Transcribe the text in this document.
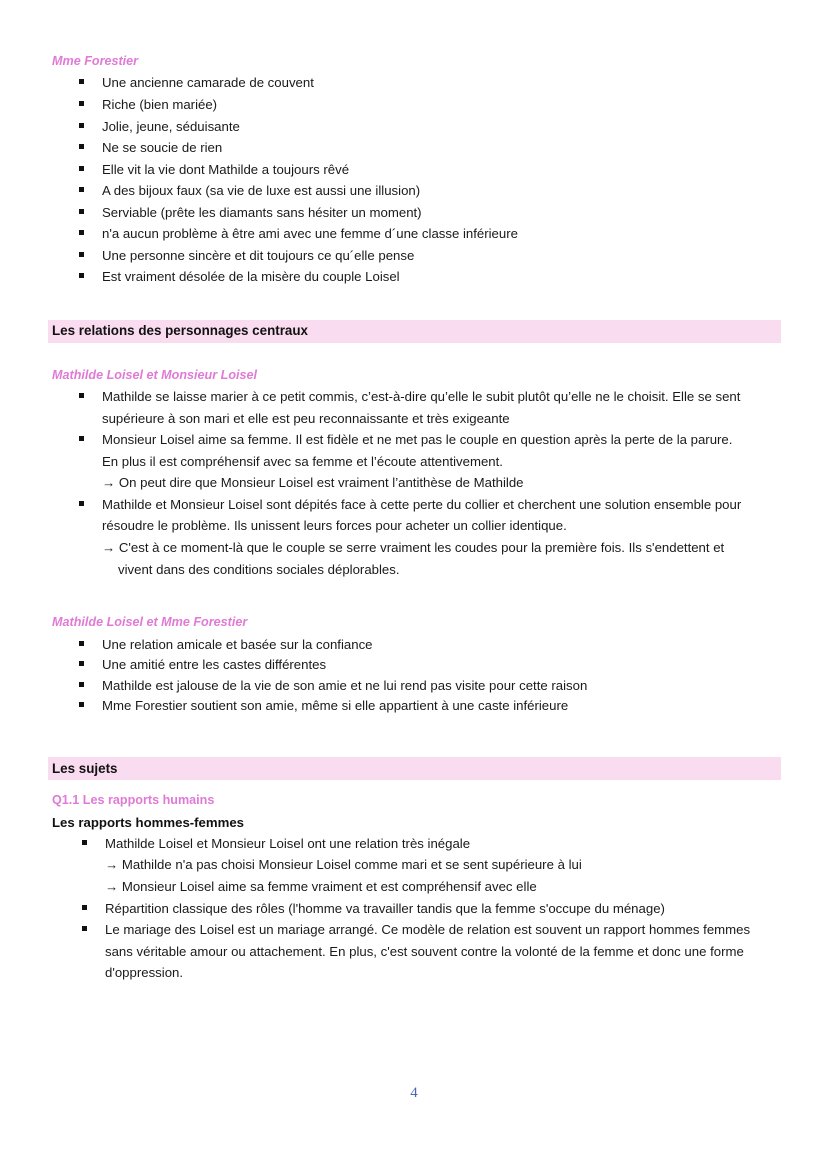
Mme Forestier
Une ancienne camarade de couvent
Riche (bien mariée)
Jolie, jeune, séduisante
Ne se soucie de rien
Elle vit la vie dont Mathilde a toujours rêvé
A des bijoux faux (sa vie de luxe est aussi une illusion)
Serviable (prête les diamants sans hésiter un moment)
n'a aucun problème à être ami avec une femme d´une classe inférieure
Une personne sincère et dit toujours ce qu´elle pense
Est vraiment désolée de la misère du couple Loisel
Les relations des personnages centraux
Mathilde Loisel et Monsieur Loisel
Mathilde se laisse marier à ce petit commis, c’est-à-dire qu’elle le subit plutôt qu’elle ne le choisit. Elle se sent
supérieure à son mari et elle est peu reconnaissante et très exigeante
Monsieur Loisel aime sa femme. Il est fidèle et ne met pas le couple en question après la perte de la parure.
En plus il est compréhensif avec sa femme et l’écoute attentivement.
→ On peut dire que Monsieur Loisel est vraiment l’antithèse de Mathilde
Mathilde et Monsieur Loisel sont dépités face à cette perte du collier et cherchent une solution ensemble pour
résoudre le problème. Ils unissent leurs forces pour acheter un collier identique.
→ C'est à ce moment-là que le couple se serre vraiment les coudes pour la première fois. Ils s'endettent et
vivent dans des conditions sociales déplorables.
Mathilde Loisel et Mme Forestier
Une relation amicale et basée sur la confiance
Une amitié entre les castes différentes
Mathilde est jalouse de la vie de son amie et ne lui rend pas visite pour cette raison
Mme Forestier soutient son amie, même si elle appartient à une caste inférieure
Les sujets
Q1.1 Les rapports humains
Les rapports hommes-femmes
Mathilde Loisel et Monsieur Loisel ont une relation très inégale
→ Mathilde n'a pas choisi Monsieur Loisel comme mari et se sent supérieure à lui
→ Monsieur Loisel aime sa femme vraiment et est compréhensif avec elle
Répartition classique des rôles (l'homme va travailler tandis que la femme s'occupe du ménage)
Le mariage des Loisel est un mariage arrangé. Ce modèle de relation est souvent un rapport hommes femmes
sans véritable amour ou attachement. En plus, c'est souvent contre la volonté de la femme et donc une forme
d'oppression.
4
